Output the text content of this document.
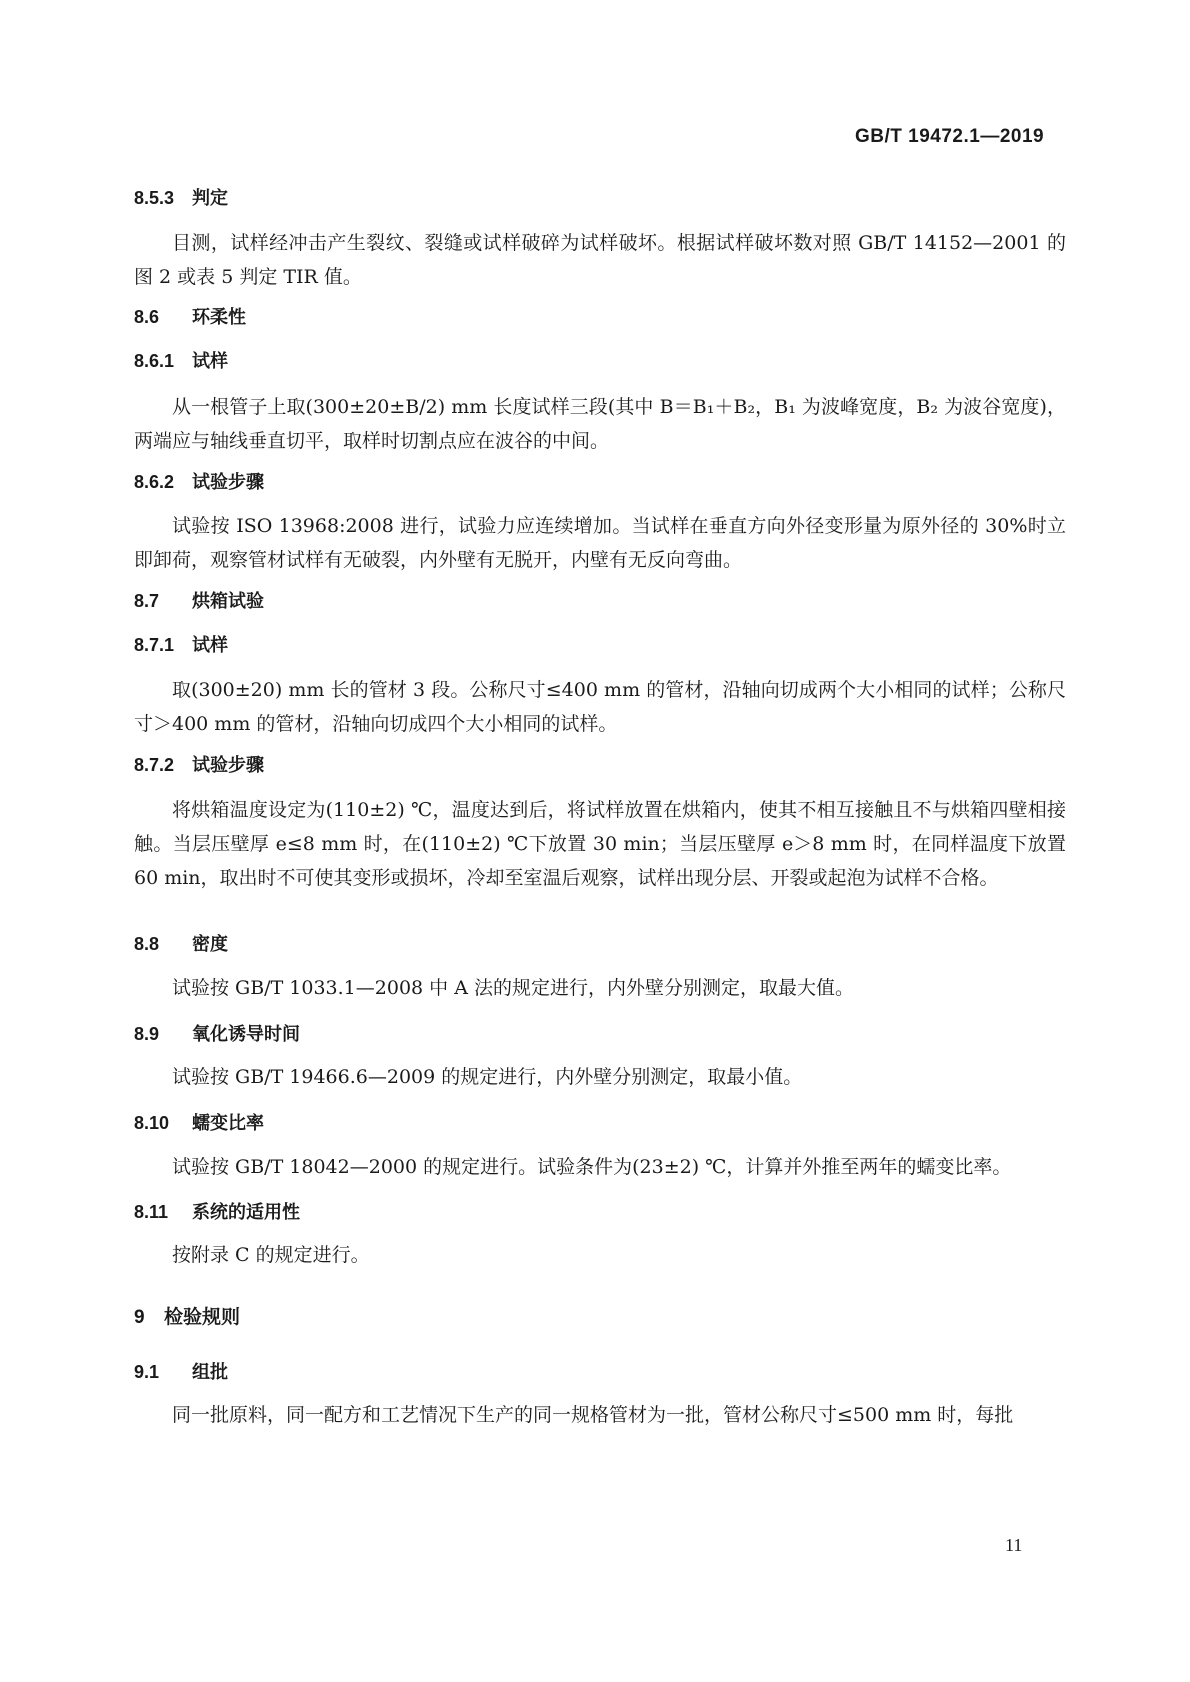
GB/T 19472.1—2019
8.5.3 判定
目测，试样经冲击产生裂纹、裂缝或试样破碎为试样破坏。根据试样破坏数对照 GB/T 14152—2001 的图 2 或表 5 判定 TIR 值。
8.6 环柔性
8.6.1 试样
从一根管子上取(300±20±B/2) mm 长度试样三段(其中 B＝B₁＋B₂，B₁ 为波峰宽度，B₂ 为波谷宽度)，两端应与轴线垂直切平，取样时切割点应在波谷的中间。
8.6.2 试验步骤
试验按 ISO 13968:2008 进行，试验力应连续增加。当试样在垂直方向外径变形量为原外径的 30%时立即卸荷，观察管材试样有无破裂，内外壁有无脱开，内壁有无反向弯曲。
8.7 烘箱试验
8.7.1 试样
取(300±20) mm 长的管材 3 段。公称尺寸≤400 mm 的管材，沿轴向切成两个大小相同的试样；公称尺寸＞400 mm 的管材，沿轴向切成四个大小相同的试样。
8.7.2 试验步骤
将烘箱温度设定为(110±2) ℃，温度达到后，将试样放置在烘箱内，使其不相互接触且不与烘箱四壁相接触。当层压壁厚 e≤8 mm 时，在(110±2) ℃下放置 30 min；当层压壁厚 e＞8 mm 时，在同样温度下放置 60 min，取出时不可使其变形或损坏，冷却至室温后观察，试样出现分层、开裂或起泡为试样不合格。
8.8 密度
试验按 GB/T 1033.1—2008 中 A 法的规定进行，内外壁分别测定，取最大值。
8.9 氧化诱导时间
试验按 GB/T 19466.6—2009 的规定进行，内外壁分别测定，取最小值。
8.10 蠕变比率
试验按 GB/T 18042—2000 的规定进行。试验条件为(23±2) ℃，计算并外推至两年的蠕变比率。
8.11 系统的适用性
按附录 C 的规定进行。
9 检验规则
9.1 组批
同一批原料，同一配方和工艺情况下生产的同一规格管材为一批，管材公称尺寸≤500 mm 时，每批
11
